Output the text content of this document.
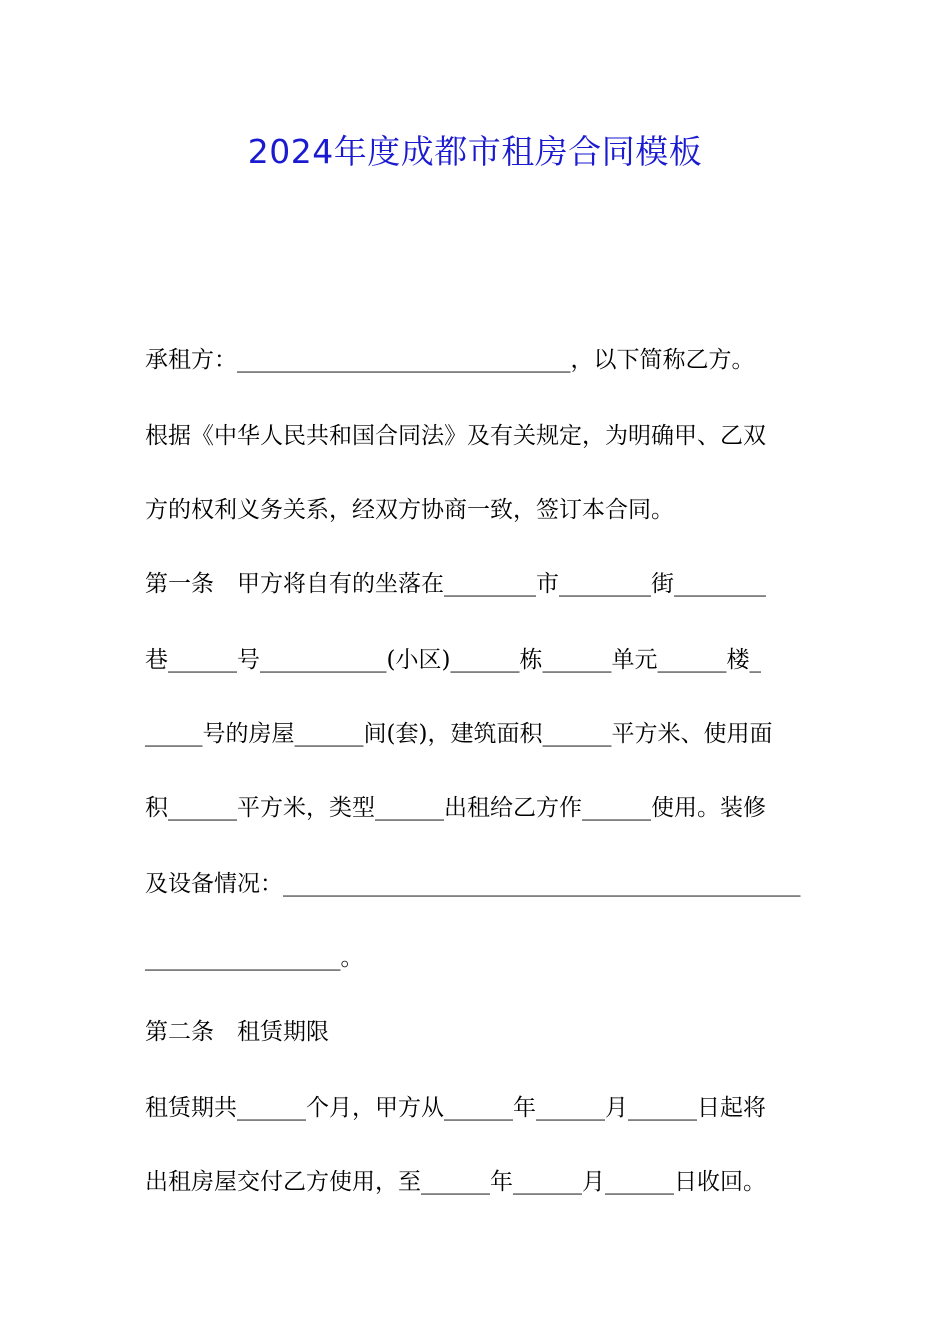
2024年度成都市租房合同模板
承租方：_____________________________，以下简称乙方。
根据《中华人民共和国合同法》及有关规定，为明确甲、乙双
方的权利义务关系，经双方协商一致，签订本合同。
第一条　甲方将自有的坐落在________市________街________
巷______号___________(小区)______栋______单元______楼_
_____号的房屋______间(套)，建筑面积______平方米、使用面
积______平方米，类型______出租给乙方作______使用。装修
及设备情况：_____________________________________________
_________________。
第二条　租赁期限
租赁期共______个月，甲方从______年______月______日起将
出租房屋交付乙方使用，至______年______月______日收回。
